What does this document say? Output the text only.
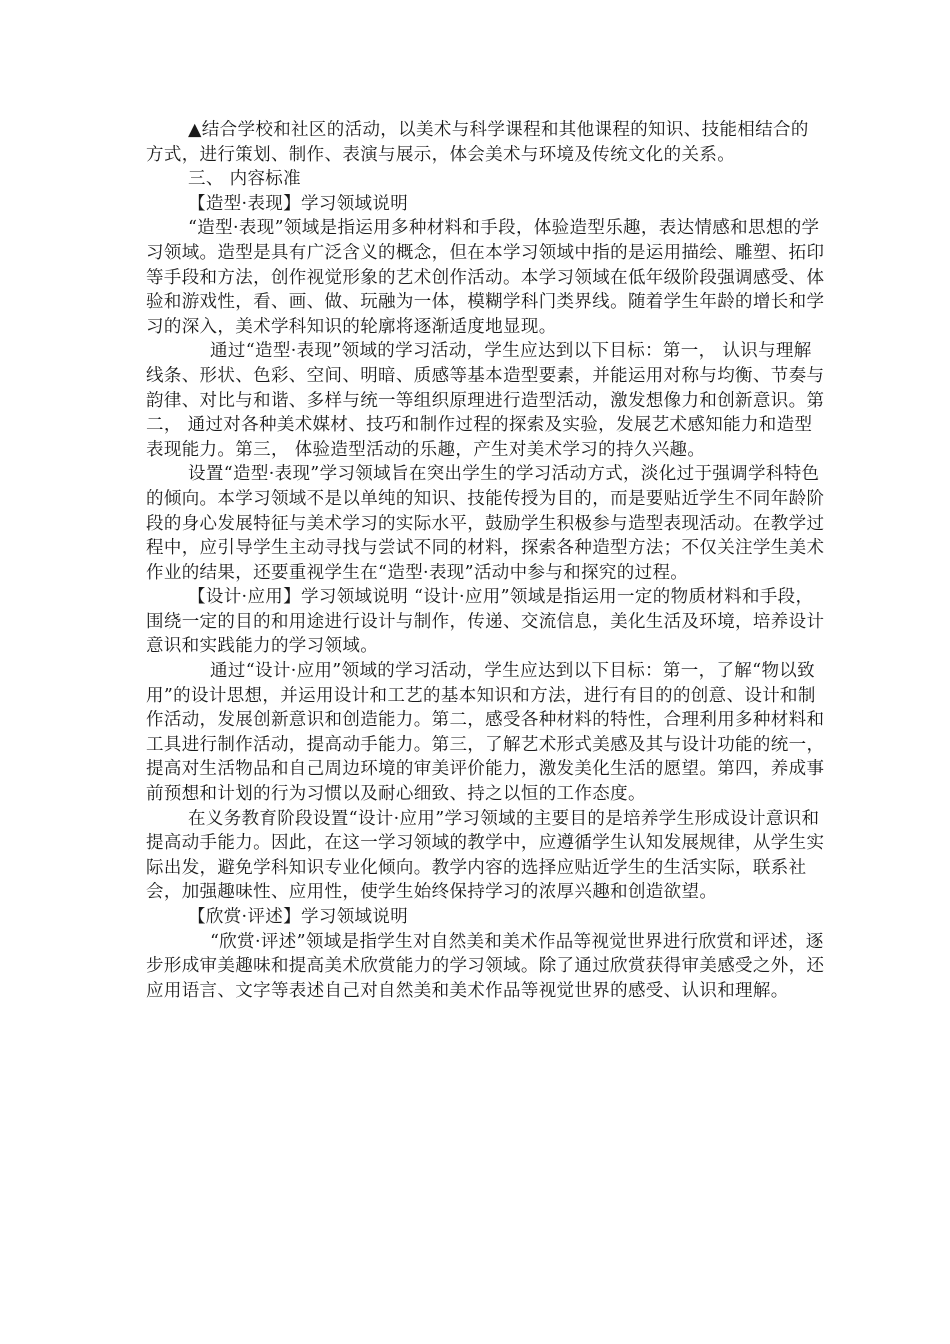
▲结合学校和社区的活动，以美术与科学课程和其他课程的知识、技能相结合的方式，进行策划、制作、表演与展示，体会美术与环境及传统文化的关系。

三、 内容标准

【造型·表现】学习领域说明

“造型·表现”领域是指运用多种材料和手段，体验造型乐趣，表达情感和思想的学习领域。造型是具有广泛含义的概念，但在本学习领域中指的是运用描绘、雕塑、拓印等手段和方法，创作视觉形象的艺术创作活动。本学习领域在低年级阶段强调感受、体验和游戏性，看、画、做、玩融为一体，模糊学科门类界线。随着学生年龄的增长和学习的深入，美术学科知识的轮廓将逐渐适度地显现。

通过“造型·表现”领域的学习活动，学生应达到以下目标：第一， 认识与理解线条、形状、色彩、空间、明暗、质感等基本造型要素，并能运用对称与均衡、节奏与韵律、对比与和谐、多样与统一等组织原理进行造型活动，激发想像力和创新意识。第二， 通过对各种美术媒材、技巧和制作过程的探索及实验，发展艺术感知能力和造型表现能力。第三， 体验造型活动的乐趣，产生对美术学习的持久兴趣。

设置“造型·表现”学习领域旨在突出学生的学习活动方式，淡化过于强调学科特色的倾向。本学习领域不是以单纯的知识、技能传授为目的，而是要贴近学生不同年龄阶段的身心发展特征与美术学习的实际水平，鼓励学生积极参与造型表现活动。在教学过程中，应引导学生主动寻找与尝试不同的材料，探索各种造型方法；不仅关注学生美术作业的结果，还要重视学生在“造型·表现”活动中参与和探究的过程。

【设计·应用】学习领域说明 “设计·应用”领域是指运用一定的物质材料和手段，围绕一定的目的和用途进行设计与制作，传递、交流信息，美化生活及环境，培养设计意识和实践能力的学习领域。

通过“设计·应用”领域的学习活动，学生应达到以下目标：第一，了解“物以致用”的设计思想，并运用设计和工艺的基本知识和方法，进行有目的的创意、设计和制作活动，发展创新意识和创造能力。第二，感受各种材料的特性，合理利用多种材料和工具进行制作活动，提高动手能力。第三，了解艺术形式美感及其与设计功能的统一，提高对生活物品和自己周边环境的审美评价能力，激发美化生活的愿望。第四，养成事前预想和计划的行为习惯以及耐心细致、持之以恒的工作态度。

在义务教育阶段设置“设计·应用”学习领域的主要目的是培养学生形成设计意识和提高动手能力。因此，在这一学习领域的教学中，应遵循学生认知发展规律，从学生实际出发，避免学科知识专业化倾向。教学内容的选择应贴近学生的生活实际，联系社会，加强趣味性、应用性，使学生始终保持学习的浓厚兴趣和创造欲望。

【欣赏·评述】学习领域说明

“欣赏·评述”领域是指学生对自然美和美术作品等视觉世界进行欣赏和评述，逐步形成审美趣味和提高美术欣赏能力的学习领域。除了通过欣赏获得审美感受之外，还应用语言、文字等表述自己对自然美和美术作品等视觉世界的感受、认识和理解。
